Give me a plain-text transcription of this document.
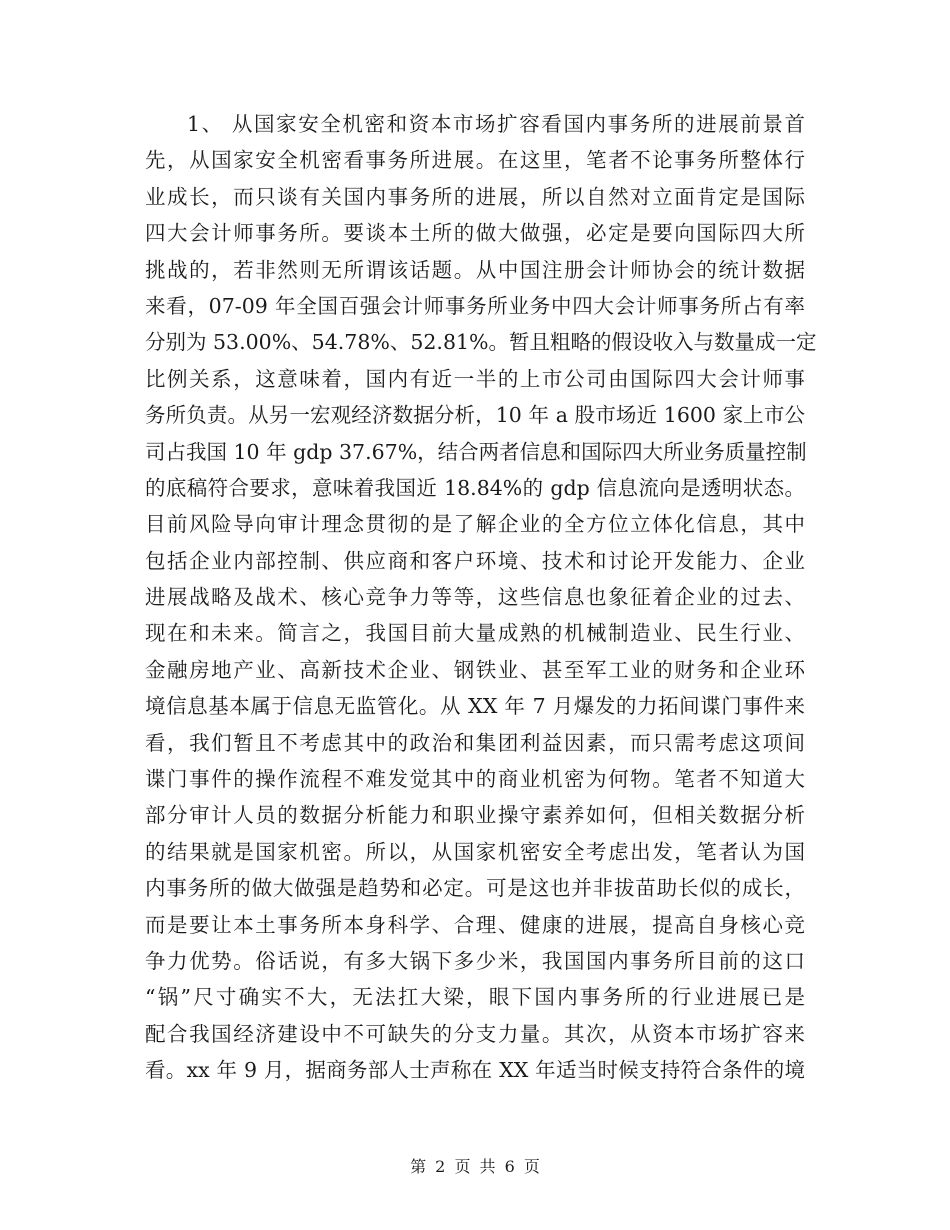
1、 从国家安全机密和资本市场扩容看国内事务所的进展前景首
先，从国家安全机密看事务所进展。在这里，笔者不论事务所整体行
业成长，而只谈有关国内事务所的进展，所以自然对立面肯定是国际
四大会计师事务所。要谈本土所的做大做强，必定是要向国际四大所
挑战的，若非然则无所谓该话题。从中国注册会计师协会的统计数据
来看，07-09 年全国百强会计师事务所业务中四大会计师事务所占有率
分别为 53.00%、54.78%、52.81%。暂且粗略的假设收入与数量成一定
比例关系，这意味着，国内有近一半的上市公司由国际四大会计师事
务所负责。从另一宏观经济数据分析，10 年 a 股市场近 1600 家上市公
司占我国 10 年 gdp 37.67%，结合两者信息和国际四大所业务质量控制
的底稿符合要求，意味着我国近 18.84%的 gdp 信息流向是透明状态。
目前风险导向审计理念贯彻的是了解企业的全方位立体化信息，其中
包括企业内部控制、供应商和客户环境、技术和讨论开发能力、企业
进展战略及战术、核心竞争力等等，这些信息也象征着企业的过去、
现在和未来。简言之，我国目前大量成熟的机械制造业、民生行业、
金融房地产业、高新技术企业、钢铁业、甚至军工业的财务和企业环
境信息基本属于信息无监管化。从 XX 年 7 月爆发的力拓间谍门事件来
看，我们暂且不考虑其中的政治和集团利益因素，而只需考虑这项间
谍门事件的操作流程不难发觉其中的商业机密为何物。笔者不知道大
部分审计人员的数据分析能力和职业操守素养如何，但相关数据分析
的结果就是国家机密。所以，从国家机密安全考虑出发，笔者认为国
内事务所的做大做强是趋势和必定。可是这也并非拔苗助长似的成长，
而是要让本土事务所本身科学、合理、健康的进展，提高自身核心竞
争力优势。俗话说，有多大锅下多少米，我国国内事务所目前的这口
“锅”尺寸确实不大，无法扛大梁，眼下国内事务所的行业进展已是
配合我国经济建设中不可缺失的分支力量。其次，从资本市场扩容来
看。xx 年 9 月，据商务部人士声称在 XX 年适当时候支持符合条件的境
第 2 页 共 6 页
